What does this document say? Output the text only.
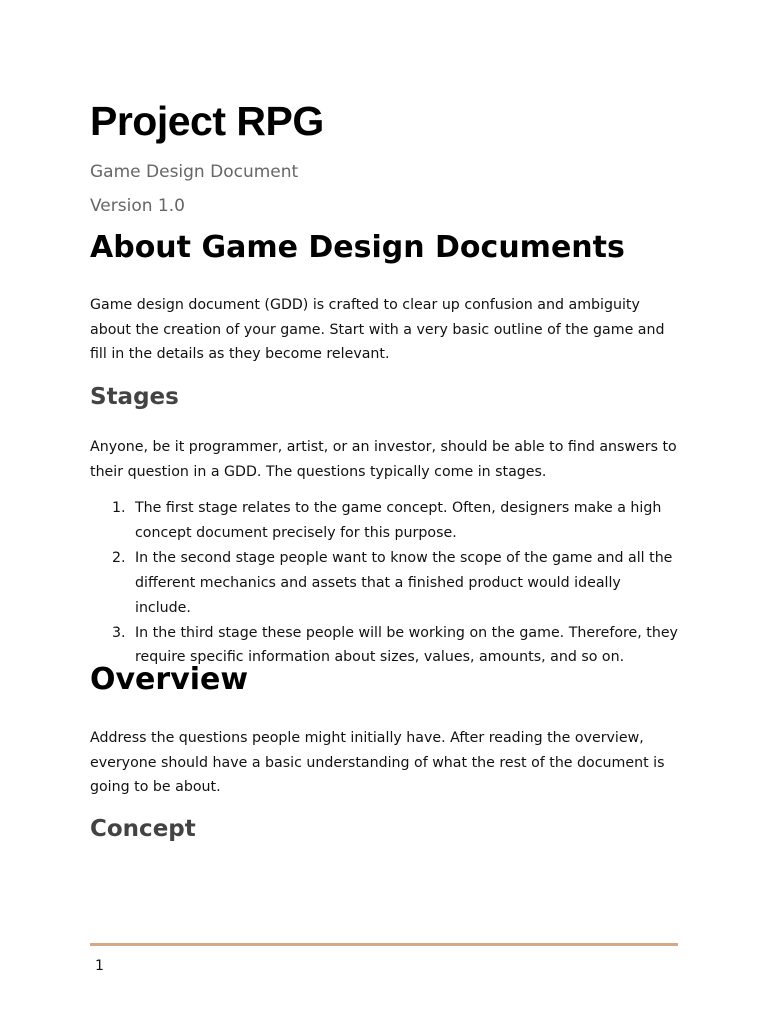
Project RPG

Game Design Document

Version 1.0

About Game Design Documents

Game design document (GDD) is crafted to clear up confusion and ambiguity about the creation of your game. Start with a very basic outline of the game and fill in the details as they become relevant.

Stages

Anyone, be it programmer, artist, or an investor, should be able to find answers to their question in a GDD. The questions typically come in stages.

1. The first stage relates to the game concept. Often, designers make a high concept document precisely for this purpose.
2. In the second stage people want to know the scope of the game and all the different mechanics and assets that a finished product would ideally include.
3. In the third stage these people will be working on the game. Therefore, they require specific information about sizes, values, amounts, and so on.
Overview

Address the questions people might initially have. After reading the overview, everyone should have a basic understanding of what the rest of the document is going to be about.

Concept
1
